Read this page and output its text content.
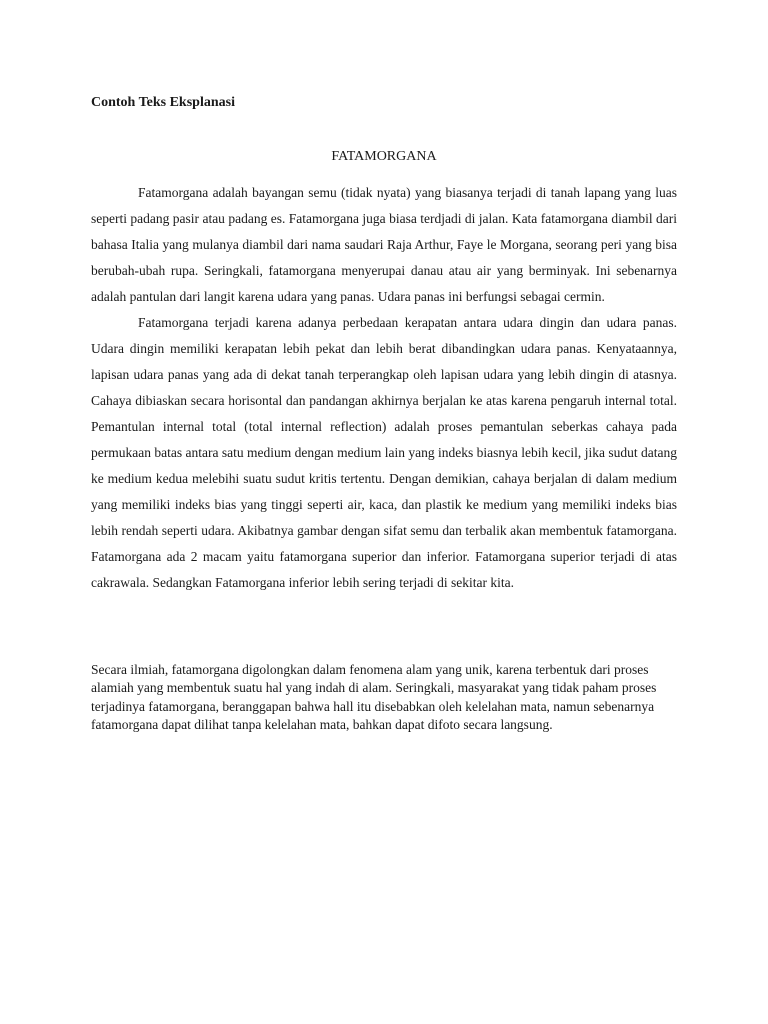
Contoh Teks Eksplanasi
FATAMORGANA

Fatamorgana adalah bayangan semu (tidak nyata) yang biasanya terjadi di tanah lapang yang luas seperti padang pasir atau padang es. Fatamorgana juga biasa terdjadi di jalan. Kata fatamorgana diambil dari bahasa Italia yang mulanya diambil dari nama saudari Raja Arthur, Faye le Morgana, seorang peri yang bisa berubah-ubah rupa. Seringkali, fatamorgana menyerupai danau atau air yang berminyak. Ini sebenarnya adalah pantulan dari langit karena udara yang panas. Udara panas ini berfungsi sebagai cermin.

Fatamorgana terjadi karena adanya perbedaan kerapatan antara udara dingin dan udara panas. Udara dingin memiliki kerapatan lebih pekat dan lebih berat dibandingkan udara panas. Kenyataannya, lapisan udara panas yang ada di dekat tanah terperangkap oleh lapisan udara yang lebih dingin di atasnya. Cahaya dibiaskan secara horisontal dan pandangan akhirnya berjalan ke atas karena pengaruh internal total. Pemantulan internal total (total internal reflection) adalah proses pemantulan seberkas cahaya pada permukaan batas antara satu medium dengan medium lain yang indeks biasnya lebih kecil, jika sudut datang ke medium kedua melebihi suatu sudut kritis tertentu. Dengan demikian, cahaya berjalan di dalam medium yang memiliki indeks bias yang tinggi seperti air, kaca, dan plastik ke medium yang memiliki indeks bias lebih rendah seperti udara. Akibatnya gambar dengan sifat semu dan terbalik akan membentuk fatamorgana. Fatamorgana ada 2 macam yaitu fatamorgana superior dan inferior. Fatamorgana superior terjadi di atas cakrawala. Sedangkan Fatamorgana inferior lebih sering terjadi di sekitar kita.

Secara ilmiah, fatamorgana digolongkan dalam fenomena alam yang unik, karena terbentuk dari proses alamiah yang membentuk suatu hal yang indah di alam. Seringkali, masyarakat yang tidak paham proses terjadinya fatamorgana, beranggapan bahwa hall itu disebabkan oleh kelelahan mata, namun sebenarnya fatamorgana dapat dilihat tanpa kelelahan mata, bahkan dapat difoto secara langsung.
